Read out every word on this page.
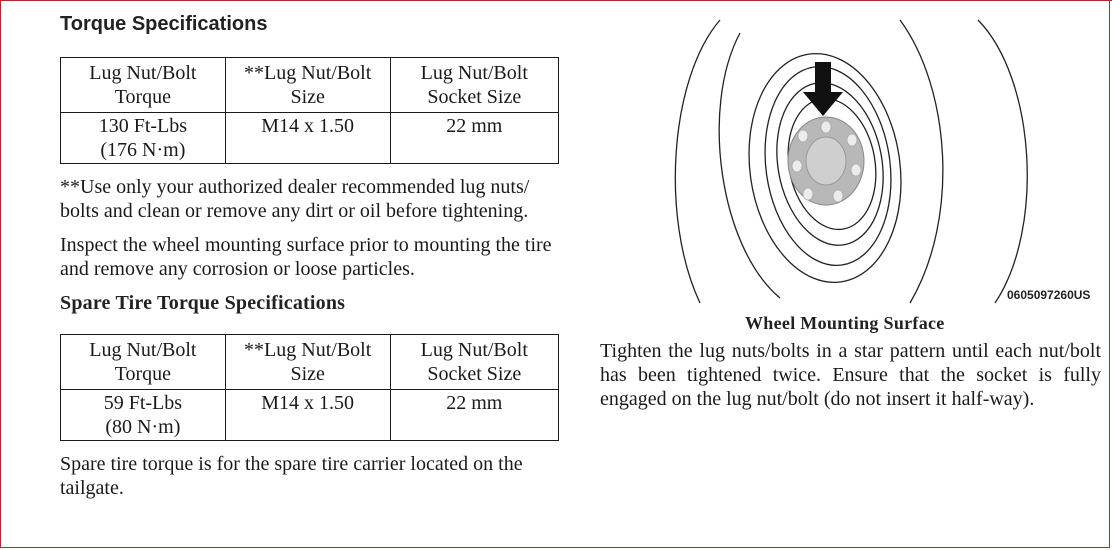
Torque Specifications
Lug Nut/Bolt Torque	**Lug Nut/Bolt Size	Lug Nut/Bolt Socket Size

130 Ft-Lbs
(176 N·m)	M14 x 1.50	22 mm

**Use only your authorized dealer recommended lug nuts/ bolts and clean or remove any dirt or oil before tightening.

Inspect the wheel mounting surface prior to mounting the tire and remove any corrosion or loose particles.

Spare Tire Torque Specifications
Lug Nut/Bolt Torque	**Lug Nut/Bolt Size	Lug Nut/Bolt Socket Size

59 Ft-Lbs
(80 N·m)	M14 x 1.50	22 mm

Spare tire torque is for the spare tire carrier located on the tailgate.

0605097260US

Wheel Mounting Surface

Tighten the lug nuts/bolts in a star pattern until each nut/bolt has been tightened twice. Ensure that the socket is fully engaged on the lug nut/bolt (do not insert it half-way).
